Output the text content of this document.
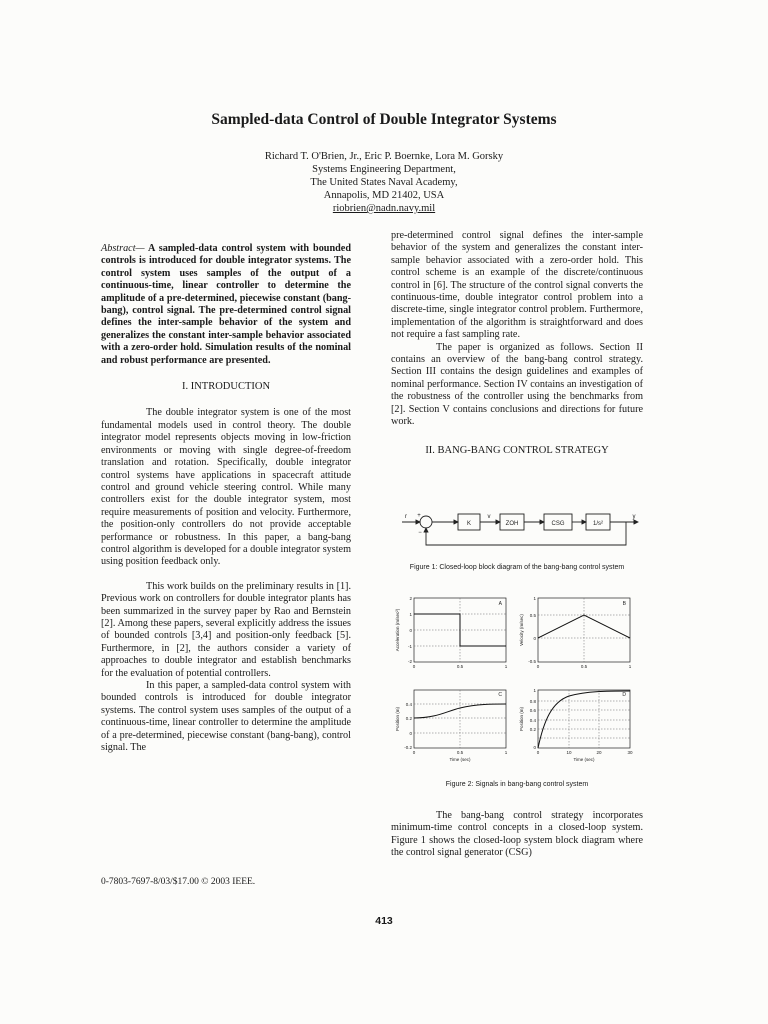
Sampled-data Control of Double Integrator Systems
Richard T. O'Brien, Jr., Eric P. Boernke, Lora M. Gorsky
Systems Engineering Department,
The United States Naval Academy,
Annapolis, MD 21402, USA
riobrien@nadn.navy.mil

Abstract— A sampled-data control system with bounded controls is introduced for double integrator systems. The control system uses samples of the output of a continuous-time, linear controller to determine the amplitude of a pre-determined, piecewise constant (bang-bang), control signal. The pre-determined control signal defines the inter-sample behavior of the system and generalizes the constant inter-sample behavior associated with a zero-order hold. Simulation results of the nominal and robust performance are presented.

I. INTRODUCTION

The double integrator system is one of the most fundamental models used in control theory. The double integrator model represents objects moving in low-friction environments or moving with single degree-of-freedom translation and rotation. Specifically, double integrator control systems have applications in spacecraft attitude control and ground vehicle steering control. While many controllers exist for the double integrator system, most require measurements of position and velocity. Furthermore, the position-only controllers do not provide acceptable performance or robustness. In this paper, a bang-bang control algorithm is developed for a double integrator system using position feedback only.

This work builds on the preliminary results in [1]. Previous work on controllers for double integrator plants has been summarized in the survey paper by Rao and Bernstein [2]. Among these papers, several explicitly address the issues of bounded controls [3,4] and position-only feedback [5]. Furthermore, in [2], the authors consider a variety of approaches to double integrator and establish benchmarks for the evaluation of potential controllers.

In this paper, a sampled-data control system with bounded controls is introduced for double integrator systems. The control system uses samples of the output of a continuous-time, linear controller to determine the amplitude of a pre-determined, piecewise constant (bang-bang), control signal. The

pre-determined control signal defines the inter-sample behavior of the system and generalizes the constant inter-sample behavior associated with a zero-order hold. This control scheme is an example of the discrete/continuous control in [6]. The structure of the control signal converts the continuous-time, double integrator control problem into a discrete-time, single integrator control problem. Furthermore, implementation of the algorithm is straightforward and does not require a fast sampling rate.

The paper is organized as follows. Section II contains an overview of the bang-bang control strategy. Section III contains the design guidelines and examples of nominal performance. Section IV contains an investigation of the robustness of the controller using the benchmarks from [2]. Section V contains conclusions and directions for future work.

II. BANG-BANG CONTROL STRATEGY
K	ZOH	CSG	1/s²
r	v	y
+
−
Figure 1: Closed-loop block diagram of the bang-bang control system
A	B
C	D
2
1
0
-1
-2
1
0.5
0
-0.5
0.4
0.2
0
-0.2
1
0.8
0.6
0.4
0.2
0
0	0.5	1	0	0.5	1
0	0.5	1	0	10	20	30
Time (sec)	Time (sec)
Acceleration (m/sec²)	Velocity (m/sec)
Position (m)	Position (m)
Figure 2: Signals in bang-bang control system

The bang-bang control strategy incorporates minimum-time control concepts in a closed-loop system. Figure 1 shows the closed-loop system block diagram where the control signal generator (CSG)

0-7803-7697-8/03/$17.00 © 2003 IEEE.
413
